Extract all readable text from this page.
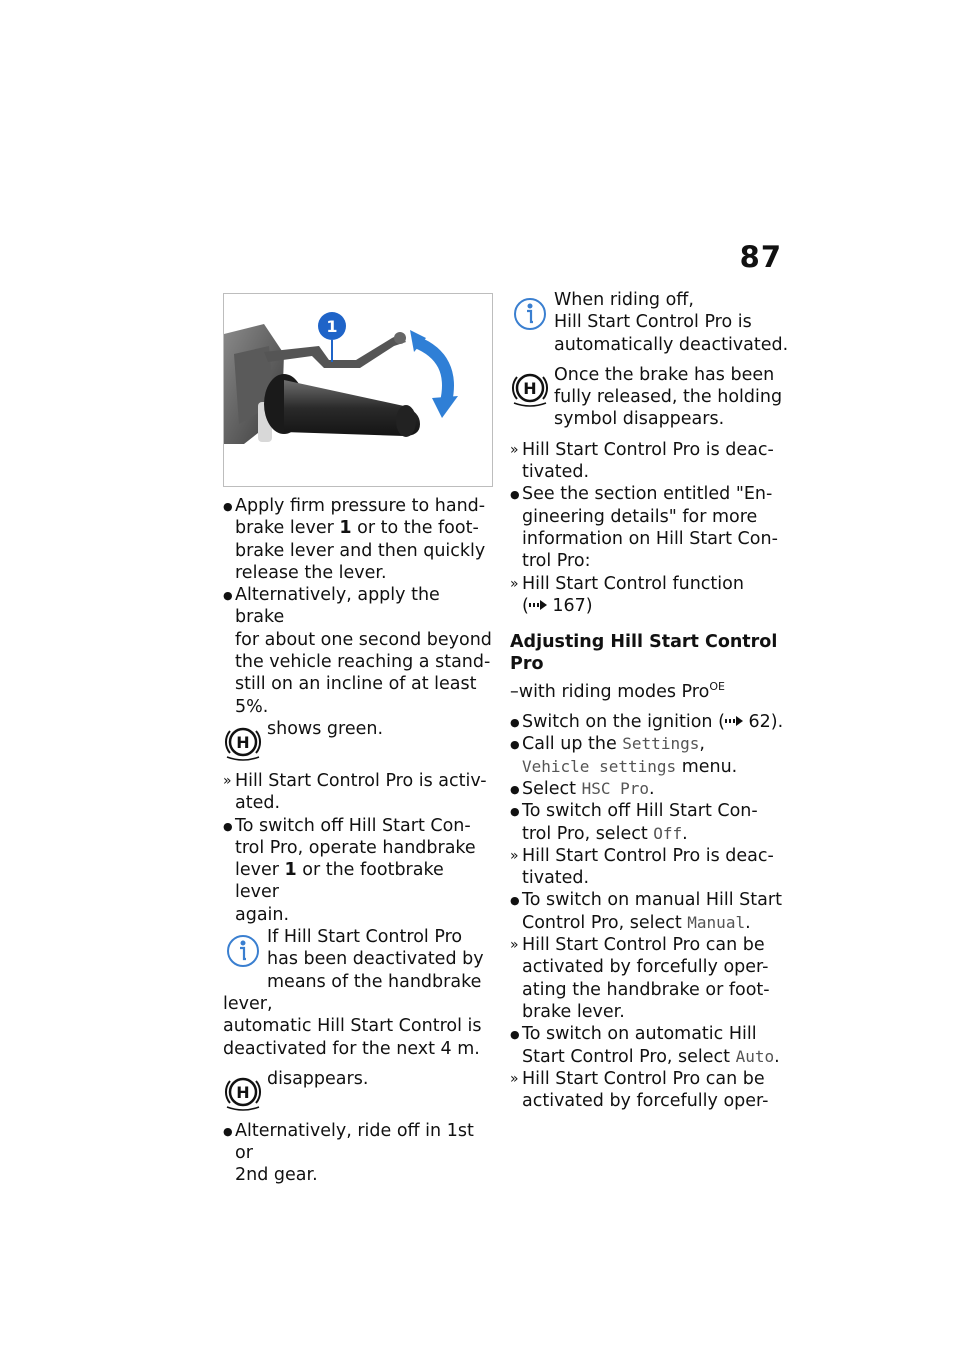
87
1
● Apply firm pressure to hand-
brake lever 1 or to the foot-
brake lever and then quickly
release the lever.
● Alternatively, apply the brake
for about one second beyond
the vehicle reaching a stand-
still on an incline of at least
5%.
H

shows green.

» Hill Start Control Pro is activ-
ated.
● To switch off Hill Start Con-
trol Pro, operate handbrake
lever 1 or the footbrake lever
again.

If Hill Start Control Pro
has been deactivated by
means of the handbrake lever,
automatic Hill Start Control is
deactivated for the next 4 m.

H

disappears.

● Alternatively, ride off in 1st or
2nd gear.

When riding off,
Hill Start Control Pro is
automatically deactivated.

H

Once the brake has been
fully released, the holding
symbol disappears.

» Hill Start Control Pro is deac-
tivated.
● See the section entitled "En-
gineering details" for more
information on Hill Start Con-
trol Pro:
» Hill Start Control function
( 167)
Adjusting Hill Start Control
Pro
–with riding modes Pro$^{OE}$
● Switch on the ignition ( 62).
● Call up the Settings,
Vehicle settings menu.
● Select HSC Pro.
● To switch off Hill Start Con-
trol Pro, select Off.
» Hill Start Control Pro is deac-
tivated.
● To switch on manual Hill Start
Control Pro, select Manual.
» Hill Start Control Pro can be
activated by forcefully oper-
ating the handbrake or foot-
brake lever.
● To switch on automatic Hill
Start Control Pro, select Auto.
» Hill Start Control Pro can be
activated by forcefully oper-
